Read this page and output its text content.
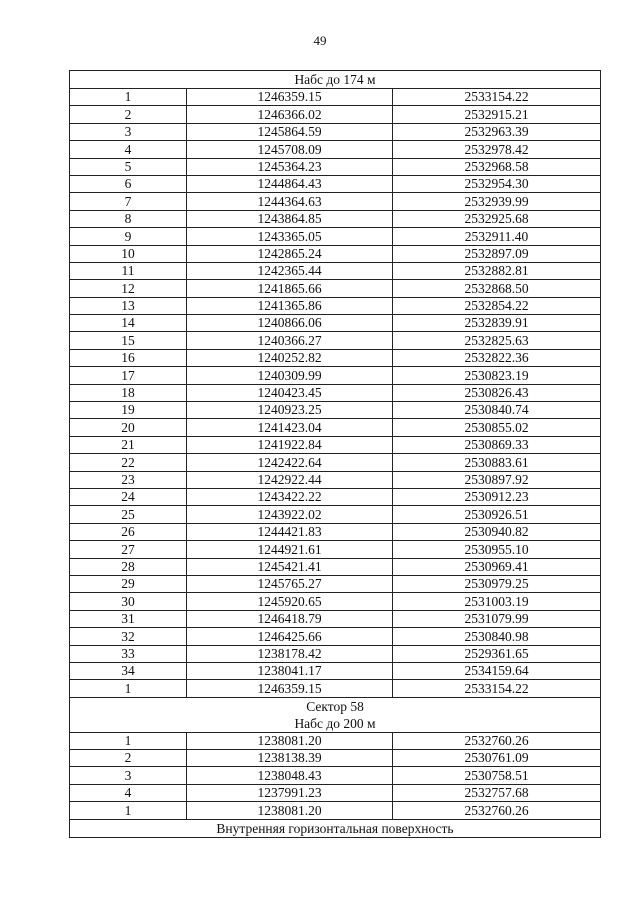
49
Набс до 174 м		

1	1246359.15	2533154.22
2	1246366.02	2532915.21
3	1245864.59	2532963.39
4	1245708.09	2532978.42
5	1245364.23	2532968.58
6	1244864.43	2532954.30
7	1244364.63	2532939.99
8	1243864.85	2532925.68
9	1243365.05	2532911.40
10	1242865.24	2532897.09
11	1242365.44	2532882.81
12	1241865.66	2532868.50
13	1241365.86	2532854.22
14	1240866.06	2532839.91
15	1240366.27	2532825.63
16	1240252.82	2532822.36
17	1240309.99	2530823.19
18	1240423.45	2530826.43
19	1240923.25	2530840.74
20	1241423.04	2530855.02
21	1241922.84	2530869.33
22	1242422.64	2530883.61
23	1242922.44	2530897.92
24	1243422.22	2530912.23
25	1243922.02	2530926.51
26	1244421.83	2530940.82
27	1244921.61	2530955.10
28	1245421.41	2530969.41
29	1245765.27	2530979.25
30	1245920.65	2531003.19
31	1246418.79	2531079.99
32	1246425.66	2530840.98
33	1238178.42	2529361.65
34	1238041.17	2534159.64
1	1246359.15	2533154.22

Сектор 58
Набс до 200 м		

1	1238081.20	2532760.26
2	1238138.39	2530761.09
3	1238048.43	2530758.51
4	1237991.23	2532757.68
1	1238081.20	2532760.26

Внутренняя горизонтальная поверхность		
